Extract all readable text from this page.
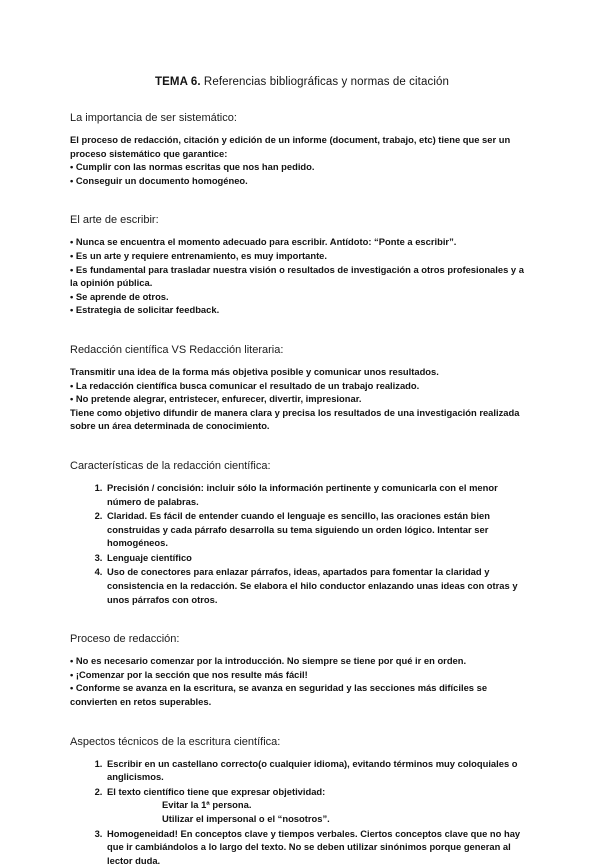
TEMA 6. Referencias bibliográficas y normas de citación
La importancia de ser sistemático:

El proceso de redacción, citación y edición de un informe (document, trabajo, etc) tiene que ser un proceso sistemático que garantice:

• Cumplir con las normas escritas que nos han pedido.
• Conseguir un documento homogéneo.
El arte de escribir:
• Nunca se encuentra el momento adecuado para escribir. Antídoto: “Ponte a escribir”.
• Es un arte y requiere entrenamiento, es muy importante.
• Es fundamental para trasladar nuestra visión o resultados de investigación a otros profesionales y a la opinión pública.
• Se aprende de otros.
• Estrategia de solicitar feedback.
Redacción científica VS Redacción literaria:

Transmitir una idea de la forma más objetiva posible y comunicar unos resultados.

• La redacción científica busca comunicar el resultado de un trabajo realizado.
• No pretende alegrar, entristecer, enfurecer, divertir, impresionar.

Tiene como objetivo difundir de manera clara y precisa los resultados de una investigación realizada sobre un área determinada de conocimiento.

Características de la redacción científica:
1. Precisión / concisión: incluir sólo la información pertinente y comunicarla con el menor número de palabras.
2. Claridad. Es fácil de entender cuando el lenguaje es sencillo, las oraciones están bien construidas y cada párrafo desarrolla su tema siguiendo un orden lógico. Intentar ser homogéneos.
3. Lenguaje científico
4. Uso de conectores para enlazar párrafos, ideas, apartados para fomentar la claridad y consistencia en la redacción. Se elabora el hilo conductor enlazando unas ideas con otras y unos párrafos con otros.
Proceso de redacción:
• No es necesario comenzar por la introducción. No siempre se tiene por qué ir en orden.
• ¡Comenzar por la sección que nos resulte más fácil!
• Conforme se avanza en la escritura, se avanza en seguridad y las secciones más difíciles se convierten en retos superables.
Aspectos técnicos de la escritura científica:
1. Escribir en un castellano correcto(o cualquier idioma), evitando términos muy coloquiales o anglicismos.
2. El texto científico tiene que expresar objetividad:
Evitar la 1ª persona.
Utilizar el impersonal o el “nosotros”.
3. Homogeneidad! En conceptos clave y tiempos verbales. Ciertos conceptos clave que no hay que ir cambiándolos a lo largo del texto. No se deben utilizar sinónimos porque generan al lector duda.
